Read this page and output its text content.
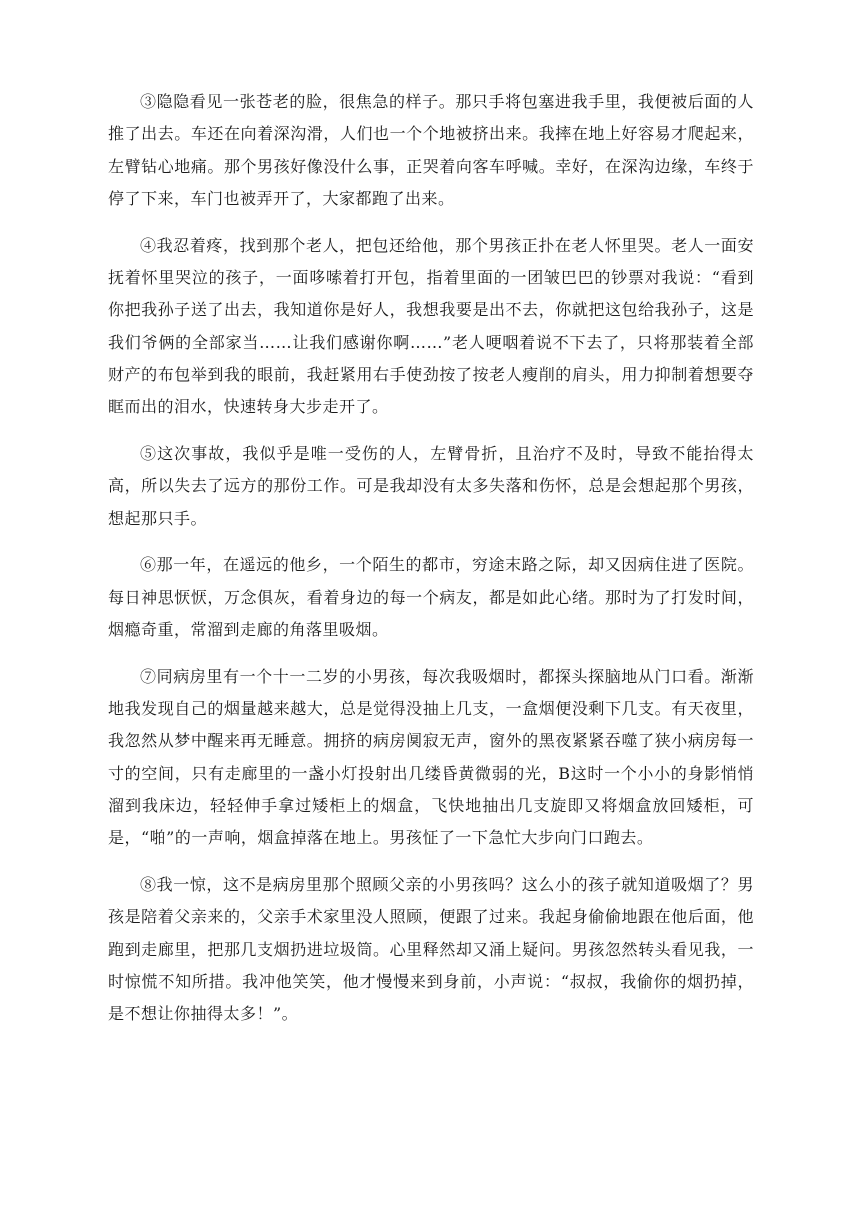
③隐隐看见一张苍老的脸，很焦急的样子。那只手将包塞进我手里，我便被后面的人推了出去。车还在向着深沟滑，人们也一个个地被挤出来。我摔在地上好容易才爬起来，左臂钻心地痛。那个男孩好像没什么事，正哭着向客车呼喊。幸好，在深沟边缘，车终于停了下来，车门也被弄开了，大家都跑了出来。

④我忍着疼，找到那个老人，把包还给他，那个男孩正扑在老人怀里哭。老人一面安抚着怀里哭泣的孩子，一面哆嗦着打开包，指着里面的一团皱巴巴的钞票对我说：“看到你把我孙子送了出去，我知道你是好人，我想我要是出不去，你就把这包给我孙子，这是我们爷俩的全部家当……让我们感谢你啊……”老人哽咽着说不下去了，只将那装着全部财产的布包举到我的眼前，我赶紧用右手使劲按了按老人瘦削的肩头，用力抑制着想要夺眶而出的泪水，快速转身大步走开了。

⑤这次事故，我似乎是唯一受伤的人，左臂骨折，且治疗不及时，导致不能抬得太高，所以失去了远方的那份工作。可是我却没有太多失落和伤怀，总是会想起那个男孩，想起那只手。

⑥那一年，在遥远的他乡，一个陌生的都市，穷途末路之际，却又因病住进了医院。每日神思恹恹，万念俱灰，看着身边的每一个病友，都是如此心绪。那时为了打发时间，烟瘾奇重，常溜到走廊的角落里吸烟。

⑦同病房里有一个十一二岁的小男孩，每次我吸烟时，都探头探脑地从门口看。渐渐地我发现自己的烟量越来越大，总是觉得没抽上几支，一盒烟便没剩下几支。有天夜里，我忽然从梦中醒来再无睡意。拥挤的病房阒寂无声，窗外的黑夜紧紧吞噬了狭小病房每一寸的空间，只有走廊里的一盏小灯投射出几缕昏黄微弱的光，B这时一个小小的身影悄悄溜到我床边，轻轻伸手拿过矮柜上的烟盒，飞快地抽出几支旋即又将烟盒放回矮柜，可是，“啪”的一声响，烟盒掉落在地上。男孩怔了一下急忙大步向门口跑去。

⑧我一惊，这不是病房里那个照顾父亲的小男孩吗？这么小的孩子就知道吸烟了？男孩是陪着父亲来的，父亲手术家里没人照顾，便跟了过来。我起身偷偷地跟在他后面，他跑到走廊里，把那几支烟扔进垃圾筒。心里释然却又涌上疑问。男孩忽然转头看见我，一时惊慌不知所措。我冲他笑笑，他才慢慢来到身前，小声说：“叔叔，我偷你的烟扔掉，是不想让你抽得太多！”。
